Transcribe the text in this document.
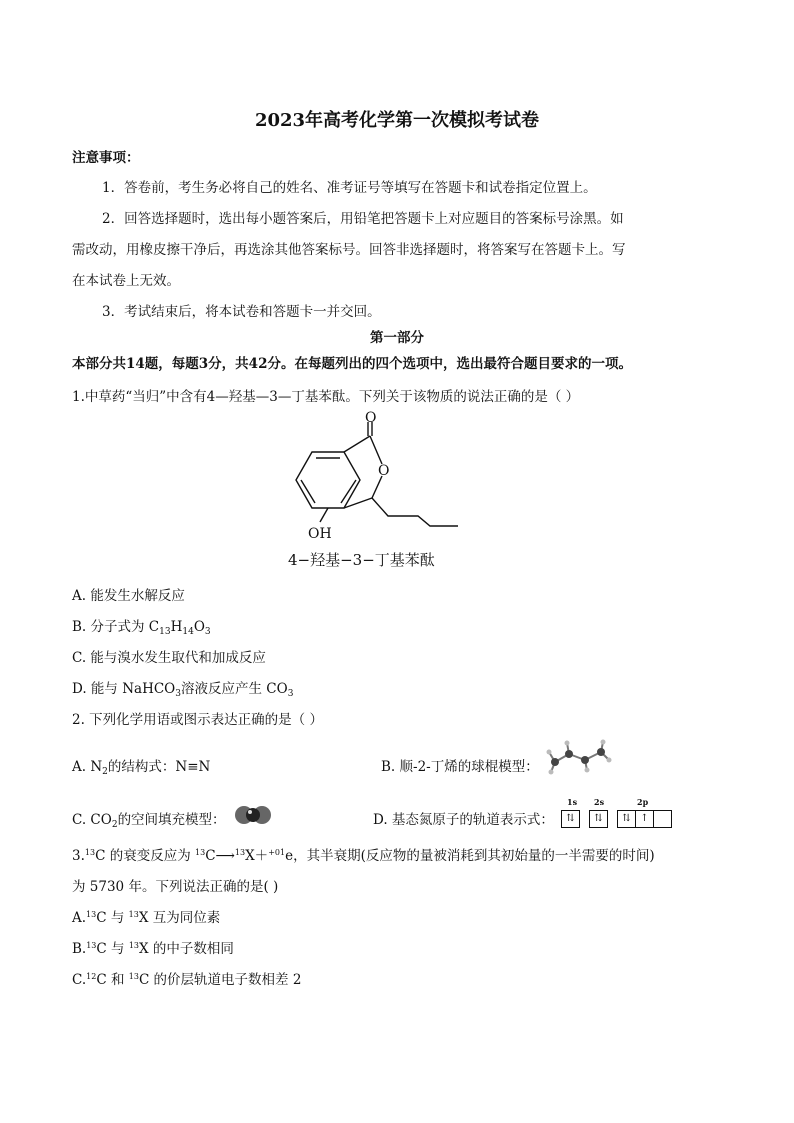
2023年高考化学第一次模拟考试卷
注意事项：
1．答卷前，考生务必将自己的姓名、准考证号等填写在答题卡和试卷指定位置上。
2．回答选择题时，选出每小题答案后，用铅笔把答题卡上对应题目的答案标号涂黑。如
需改动，用橡皮擦干净后，再选涂其他答案标号。回答非选择题时，将答案写在答题卡上。写
在本试卷上无效。
3．考试结束后，将本试卷和答题卡一并交回。
第一部分
本部分共14题，每题3分，共42分。在每题列出的四个选项中，选出最符合题目要求的一项。
1.中草药“当归”中含有4—羟基—3—丁基苯酞。下列关于该物质的说法正确的是（ ）
O
O
OH
4−羟基−3−丁基苯酞
A. 能发生水解反应
B. 分子式为 $C_{13}H_{14}O_3$
C. 能与溴水发生取代和加成反应
D. 能与 NaHCO$_3$溶液反应产生 $CO_3$
2. 下列化学用语或图示表达正确的是（ ）
A. $N_2$的结构式：N≡N	B. 顺-2-丁烯的球棍模型：
C. $CO_2$的空间填充模型：	D. 基态氮原子的轨道表示式：
1s 2s	2p
⇅	⇅	⇅ ↑
3.13C 的衰变反应为 $^{13}$C⟶$^{13}$X＋$^{+01}$e，其半衰期(反应物的量被消耗到其初始量的一半需要的时间)
为 5730 年。下列说法正确的是( )
A.$^{13}$C 与 $^{13}$X 互为同位素
B.$^{13}$C 与 $^{13}$X 的中子数相同
C.$^{12}$C 和 $^{13}$C 的价层轨道电子数相差 2
